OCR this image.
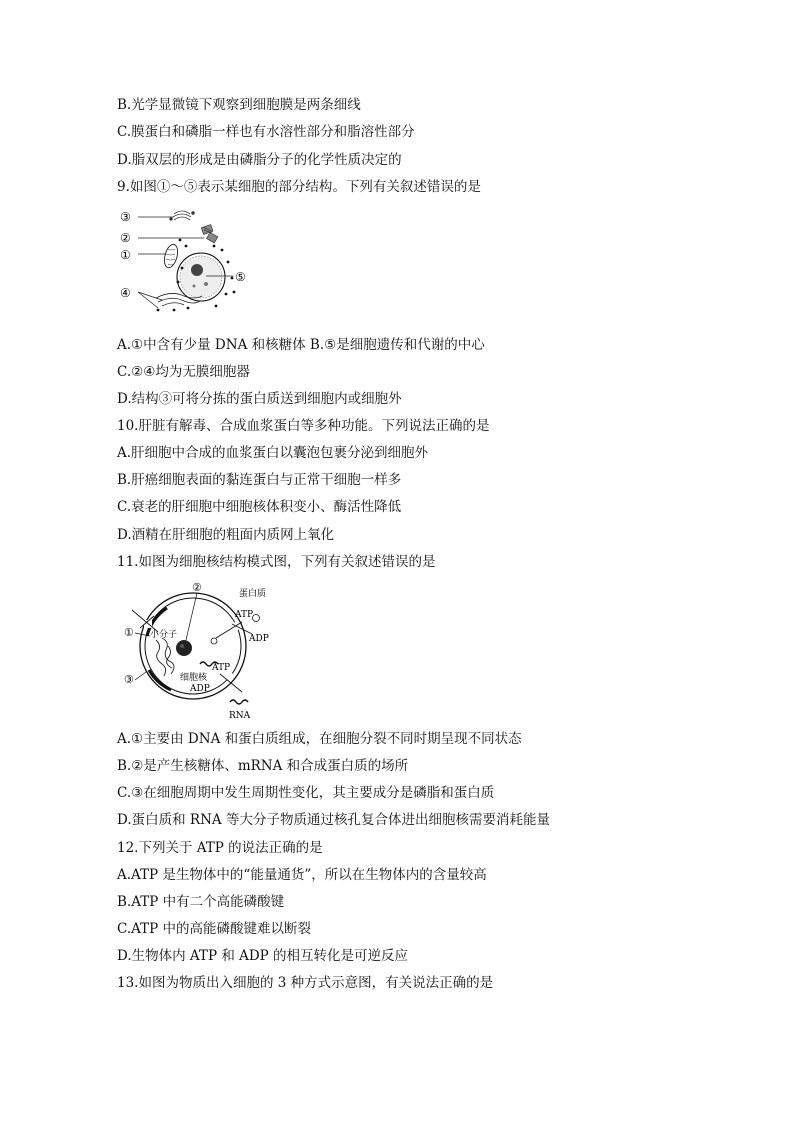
B.光学显微镜下观察到细胞膜是两条细线
C.膜蛋白和磷脂一样也有水溶性部分和脂溶性部分
D.脂双层的形成是由磷脂分子的化学性质决定的
9.如图①～⑤表示某细胞的部分结构。下列有关叙述错误的是
③
②
①
④
⑤
A.①中含有少量 DNA 和核糖体 B.⑤是细胞遗传和代谢的中心
C.②④均为无膜细胞器
D.结构③可将分拣的蛋白质送到细胞内或细胞外
10.肝脏有解毒、合成血浆蛋白等多种功能。下列说法正确的是
A.肝细胞中合成的血浆蛋白以囊泡包裹分泌到细胞外
B.肝癌细胞表面的黏连蛋白与正常干细胞一样多
C.衰老的肝细胞中细胞核体积变小、酶活性降低
D.酒精在肝细胞的粗面内质网上氧化
11.如图为细胞核结构模式图，下列有关叙述错误的是
②
①
③
蛋白质
ATP
ADP
小分子
ATP
细胞核
ADP
RNA
A.①主要由 DNA 和蛋白质组成，在细胞分裂不同时期呈现不同状态
B.②是产生核糖体、mRNA 和合成蛋白质的场所
C.③在细胞周期中发生周期性变化，其主要成分是磷脂和蛋白质
D.蛋白质和 RNA 等大分子物质通过核孔复合体进出细胞核需要消耗能量
12.下列关于 ATP 的说法正确的是
A.ATP 是生物体中的“能量通货”，所以在生物体内的含量较高
B.ATP 中有二个高能磷酸键
C.ATP 中的高能磷酸键难以断裂
D.生物体内 ATP 和 ADP 的相互转化是可逆反应
13.如图为物质出入细胞的 3 种方式示意图，有关说法正确的是
